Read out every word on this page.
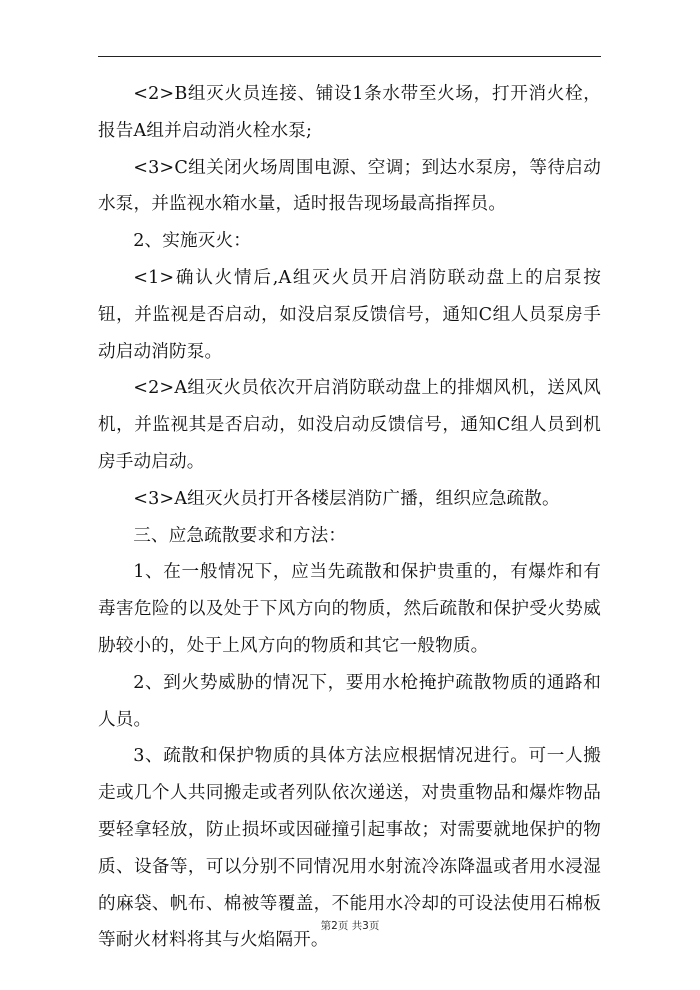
<2>B组灭火员连接、铺设1条水带至火场，打开消火栓，报告A组并启动消火栓水泵;

<3>C组关闭火场周围电源、空调；到达水泵房，等待启动水泵，并监视水箱水量，适时报告现场最高指挥员。

2、实施灭火：

<1>确认火情后,A组灭火员开启消防联动盘上的启泵按钮，并监视是否启动，如没启泵反馈信号，通知C组人员泵房手动启动消防泵。

<2>A组灭火员依次开启消防联动盘上的排烟风机，送风风机，并监视其是否启动，如没启动反馈信号，通知C组人员到机房手动启动。

<3>A组灭火员打开各楼层消防广播，组织应急疏散。

三、应急疏散要求和方法：

1、在一般情况下，应当先疏散和保护贵重的，有爆炸和有毒害危险的以及处于下风方向的物质，然后疏散和保护受火势威胁较小的，处于上风方向的物质和其它一般物质。

2、到火势威胁的情况下，要用水枪掩护疏散物质的通路和人员。

3、疏散和保护物质的具体方法应根据情况进行。可一人搬走或几个人共同搬走或者列队依次递送，对贵重物品和爆炸物品要轻拿轻放，防止损坏或因碰撞引起事故；对需要就地保护的物质、设备等，可以分别不同情况用水射流冷冻降温或者用水浸湿的麻袋、帆布、棉被等覆盖，不能用水冷却的可设法使用石棉板等耐火材料将其与火焰隔开。

第2页 共3页
